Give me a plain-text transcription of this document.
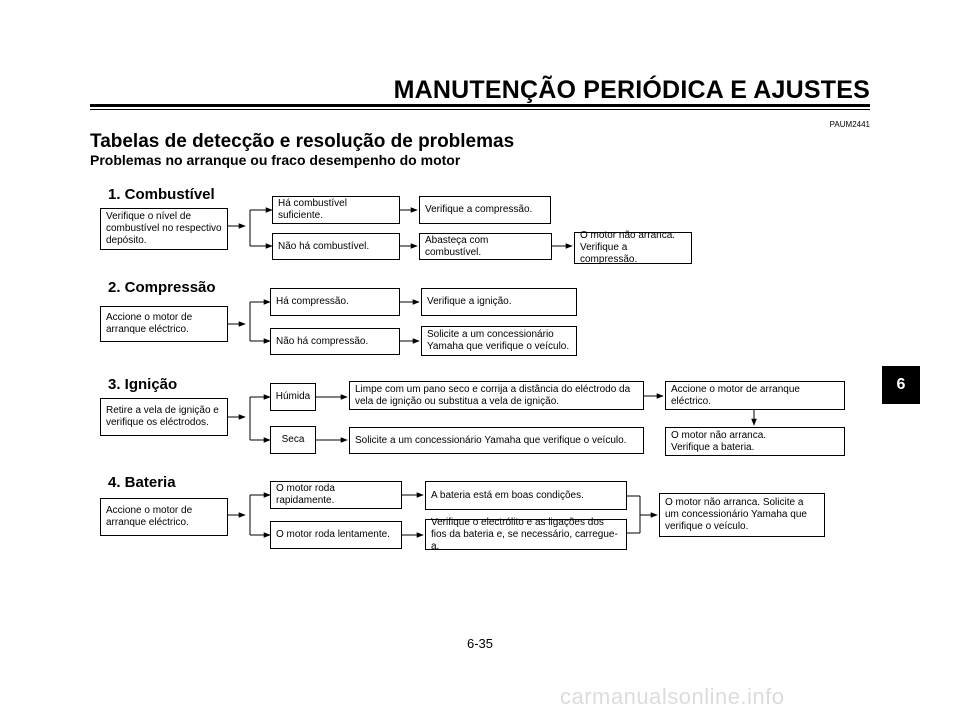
MANUTENÇÃO PERIÓDICA E AJUSTES
PAUM2441
Tabelas de detecção e resolução de problemas
Problemas no arranque ou fraco desempenho do motor
1. Combustível
Verifique o nível de combustível no respectivo depósito.
Há combustível suficiente.
Verifique a compressão.
Não há combustível.
Abasteça com combustível.
O motor não arranca.
Verifique a compressão.
2. Compressão
Accione o motor de arranque eléctrico.
Há compressão.	Verifique a ignição.
Não há compressão.
Solicite a um concessionário Yamaha que verifique o veículo.
3. Ignição
Retire a vela de ignição e verifique os eléctrodos.
Húmida
Limpe com um pano seco e corrija a distância do eléctrodo da vela de ignição ou substitua a vela de ignição.
Accione o motor de arranque eléctrico.
O motor não arranca.
Verifique a bateria.
Seca	Solicite a um concessionário Yamaha que verifique o veículo.
4. Bateria
Accione o motor de arranque eléctrico.
O motor roda rapidamente.	A bateria está em boas condições.
O motor roda lentamente.
Verifique o electrólito e as ligações dos fios da bateria e, se necessário, carregue-a.
O motor não arranca. Solicite a um concessionário Yamaha que verifique o veículo.
6
6-35
carmanualsonline.info
